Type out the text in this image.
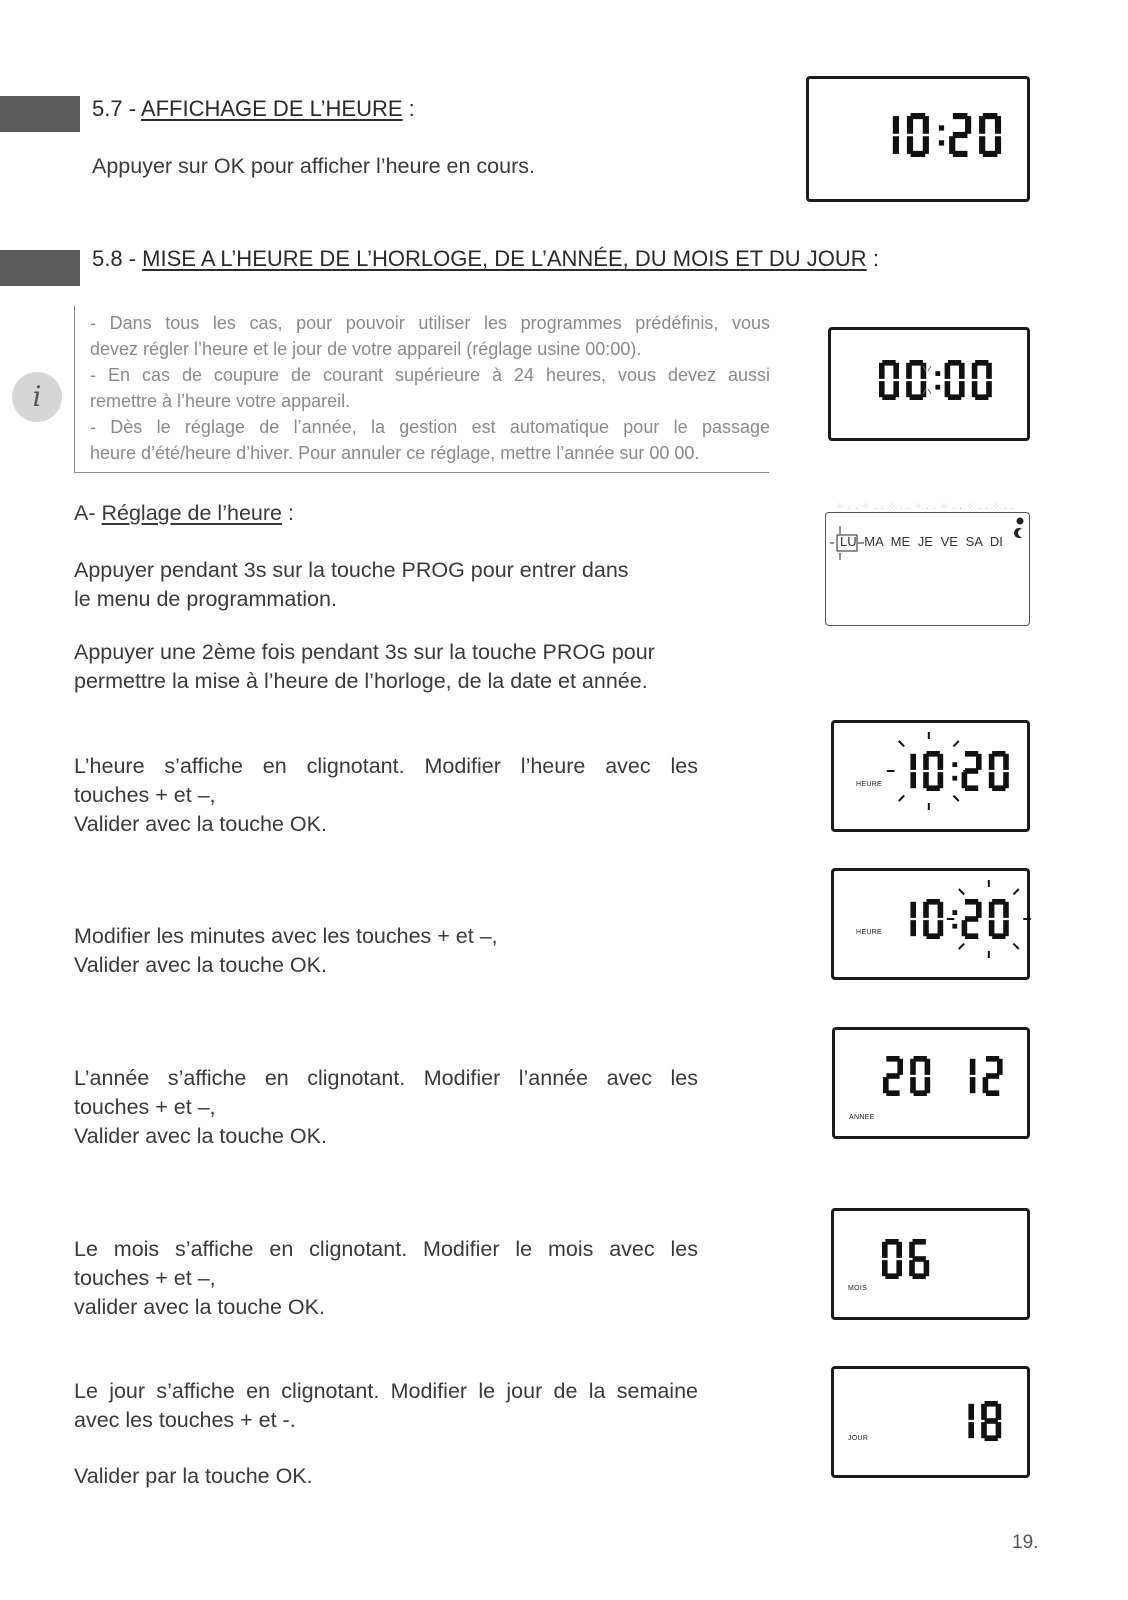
5.7 - AFFICHAGE DE L’HEURE :
Appuyer sur OK pour afficher l’heure en cours.
5.8 - MISE A L’HEURE DE L’HORLOGE, DE L’ANNÉE, DU MOIS ET DU JOUR :
i
- Dans tous les cas, pour pouvoir utiliser les programmes prédéfinis, vous
devez régler l’heure et le jour de votre appareil (réglage usine 00:00).
- En cas de coupure de courant supérieure à 24 heures, vous devez aussi
remettre à l’heure votre appareil.
- Dès le réglage de l’année, la gestion est automatique pour le passage
heure d’été/heure d’hiver. Pour annuler ce réglage, mettre l’année sur 00 00.
A- Réglage de l’heure :
Appuyer pendant 3s sur la touche PROG pour entrer dans
le menu de programmation.
Appuyer une 2ème fois pendant 3s sur la touche PROG pour
permettre la mise à l’heure de l’horloge, de la date et année.
⁘ . . ⁘ . . ⁘ . . ⁘ . . ⁘ . . ⁘ . . ⁘ . .
LU MA ME JE VE SA DI
L’heure s’affiche en clignotant. Modifier l’heure avec les
touches + et –,
Valider avec la touche OK.
HEURE
Modifier les minutes avec les touches + et –,
Valider avec la touche OK.
HEURE
L’année s’affiche en clignotant. Modifier l’année avec les
touches + et –,
Valider avec la touche OK.
ANNEE
Le mois s’affiche en clignotant. Modifier le mois avec les
touches + et –,
valider avec la touche OK.
MOIS
Le jour s’affiche en clignotant. Modifier le jour de la semaine
avec les touches + et -.
Valider par la touche OK.
JOUR
19.
